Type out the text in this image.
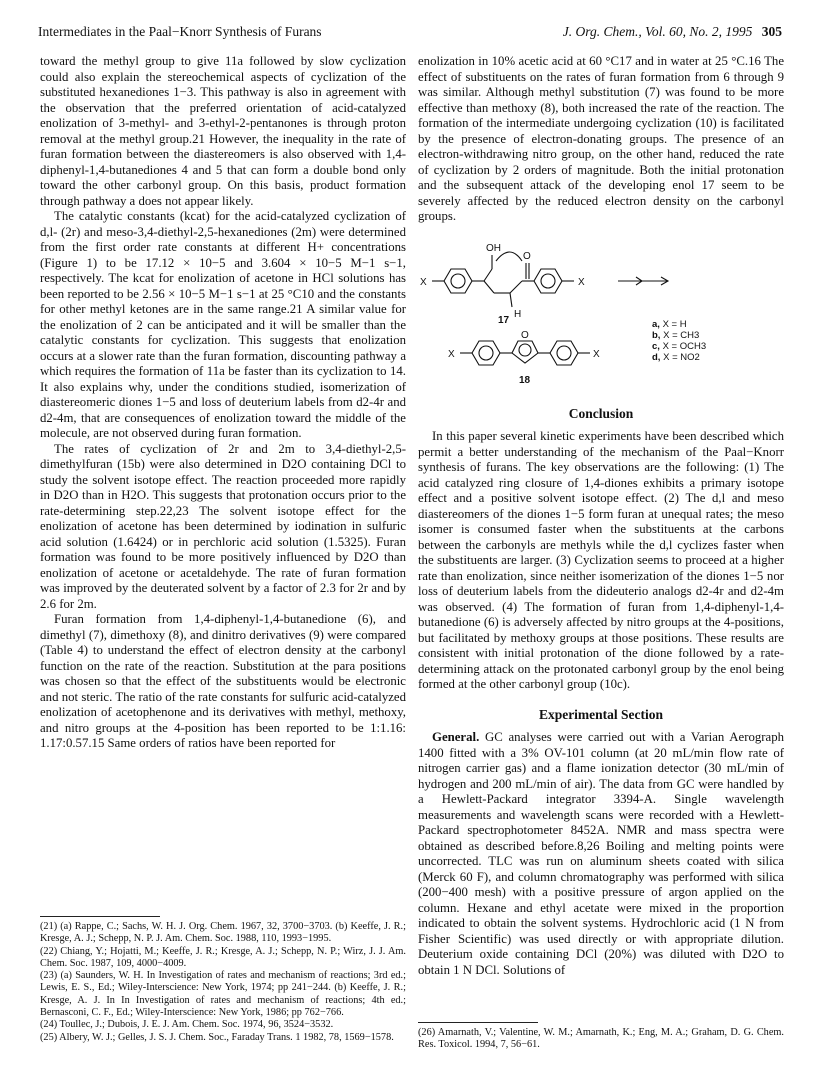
Intermediates in the Paal−Knorr Synthesis of Furans	J. Org. Chem., Vol. 60, No. 2, 1995 305

toward the methyl group to give 11a followed by slow cyclization could also explain the stereochemical aspects of cyclization of the substituted hexanediones 1−3. This pathway is also in agreement with the observation that the preferred orientation of acid-catalyzed enolization of 3-methyl- and 3-ethyl-2-pentanones is through proton removal at the methyl group.21 However, the inequality in the rate of furan formation between the diastereomers is also observed with 1,4-diphenyl-1,4-butanediones 4 and 5 that can form a double bond only toward the other carbonyl group. On this basis, product formation through pathway a does not appear likely.

The catalytic constants (kcat) for the acid-catalyzed cyclization of d,l- (2r) and meso-3,4-diethyl-2,5-hexanediones (2m) were determined from the first order rate constants at different H+ concentrations (Figure 1) to be 17.12 × 10−5 and 3.604 × 10−5 M−1 s−1, respectively. The kcat for enolization of acetone in HCl solutions has been reported to be 2.56 × 10−5 M−1 s−1 at 25 °C10 and the constants for other methyl ketones are in the same range.21 A similar value for the enolization of 2 can be anticipated and it will be smaller than the catalytic constants for cyclization. This suggests that enolization occurs at a slower rate than the furan formation, discounting pathway a which requires the formation of 11a be faster than its cyclization to 14. It also explains why, under the conditions studied, isomerization of diastereomeric diones 1−5 and loss of deuterium labels from d2-4r and d2-4m, that are consequences of enolization toward the middle of the molecule, are not observed during furan formation.

The rates of cyclization of 2r and 2m to 3,4-diethyl-2,5-dimethylfuran (15b) were also determined in D2O containing DCl to study the solvent isotope effect. The reaction proceeded more rapidly in D2O than in H2O. This suggests that protonation occurs prior to the rate-determining step.22,23 The solvent isotope effect for the enolization of acetone has been determined by iodination in sulfuric acid solution (1.6424) or in perchloric acid solution (1.5325). Furan formation was found to be more positively influenced by D2O than enolization of acetone or acetaldehyde. The rate of furan formation was improved by the deuterated solvent by a factor of 2.3 for 2r and by 2.6 for 2m.

Furan formation from 1,4-diphenyl-1,4-butanedione (6), and dimethyl (7), dimethoxy (8), and dinitro derivatives (9) were compared (Table 4) to understand the effect of electron density at the carbonyl function on the rate of the reaction. Substitution at the para positions was chosen so that the effect of the substituents would be electronic and not steric. The ratio of the rate constants for sulfuric acid-catalyzed enolization of acetophenone and its derivatives with methyl, methoxy, and nitro groups at the 4-position has been reported to be 1:1.16: 1.17:0.57.15 Same orders of ratios have been reported for

(21) (a) Rappe, C.; Sachs, W. H. J. Org. Chem. 1967, 32, 3700−3703. (b) Keeffe, J. R.; Kresge, A. J.; Schepp, N. P. J. Am. Chem. Soc. 1988, 110, 1993−1995.
(22) Chiang, Y.; Hojatti, M.; Keeffe, J. R.; Kresge, A. J.; Schepp, N. P.; Wirz, J. J. Am. Chem. Soc. 1987, 109, 4000−4009.
(23) (a) Saunders, W. H. In Investigation of rates and mechanism of reactions; 3rd ed.; Lewis, E. S., Ed.; Wiley-Interscience: New York, 1974; pp 241−244. (b) Keeffe, J. R.; Kresge, A. J. In In Investigation of rates and mechanism of reactions; 4th ed.; Bernasconi, C. F., Ed.; Wiley-Interscience: New York, 1986; pp 762−766.
(24) Toullec, J.; Dubois, J. E. J. Am. Chem. Soc. 1974, 96, 3524−3532.
(25) Albery, W. J.; Gelles, J. S. J. Chem. Soc., Faraday Trans. 1 1982, 78, 1569−1578.

enolization in 10% acetic acid at 60 °C17 and in water at 25 °C.16 The effect of substituents on the rates of furan formation from 6 through 9 was similar. Although methyl substitution (7) was found to be more effective than methoxy (8), both increased the rate of the reaction. The formation of the intermediate undergoing cyclization (10) is facilitated by the presence of electron-donating groups. The presence of an electron-withdrawing nitro group, on the other hand, reduced the rate of cyclization by 2 orders of magnitude. Both the initial protonation and the subsequent attack of the developing enol 17 seem to be severely affected by the reduced electron density on the carbonyl groups.

X
OH
O
H
X
17
X
O
X
18
a, X = H
b, X = CH3
c, X = OCH3
d, X = NO2
Conclusion

In this paper several kinetic experiments have been described which permit a better understanding of the mechanism of the Paal−Knorr synthesis of furans. The key observations are the following: (1) The acid catalyzed ring closure of 1,4-diones exhibits a primary isotope effect and a positive solvent isotope effect. (2) The d,l and meso diastereomers of the diones 1−5 form furan at unequal rates; the meso isomer is consumed faster when the substituents at the carbons between the carbonyls are methyls while the d,l cyclizes faster when the substituents are larger. (3) Cyclization seems to proceed at a higher rate than enolization, since neither isomerization of the diones 1−5 nor loss of deuterium labels from the dideuterio analogs d2-4r and d2-4m was observed. (4) The formation of furan from 1,4-diphenyl-1,4-butanedione (6) is adversely affected by nitro groups at the 4-positions, but facilitated by methoxy groups at those positions. These results are consistent with initial protonation of the dione followed by a rate-determining attack on the protonated carbonyl group by the enol being formed at the other carbonyl group (10c).

Experimental Section

General. GC analyses were carried out with a Varian Aerograph 1400 fitted with a 3% OV-101 column (at 20 mL/min flow rate of nitrogen carrier gas) and a flame ionization detector (30 mL/min of hydrogen and 200 mL/min of air). The data from GC were handled by a Hewlett-Packard integrator 3394-A. Single wavelength measurements and wavelength scans were recorded with a Hewlett-Packard spectrophotometer 8452A. NMR and mass spectra were obtained as described before.8,26 Boiling and melting points were uncorrected. TLC was run on aluminum sheets coated with silica (Merck 60 F), and column chromatography was performed with silica (200−400 mesh) with a positive pressure of argon applied on the column. Hexane and ethyl acetate were mixed in the proportion indicated to obtain the solvent systems. Hydrochloric acid (1 N from Fisher Scientific) was used directly or with appropriate dilution. Deuterium oxide containing DCl (20%) was diluted with D2O to obtain 1 N DCl. Solutions of

(26) Amarnath, V.; Valentine, W. M.; Amarnath, K.; Eng, M. A.; Graham, D. G. Chem. Res. Toxicol. 1994, 7, 56−61.
